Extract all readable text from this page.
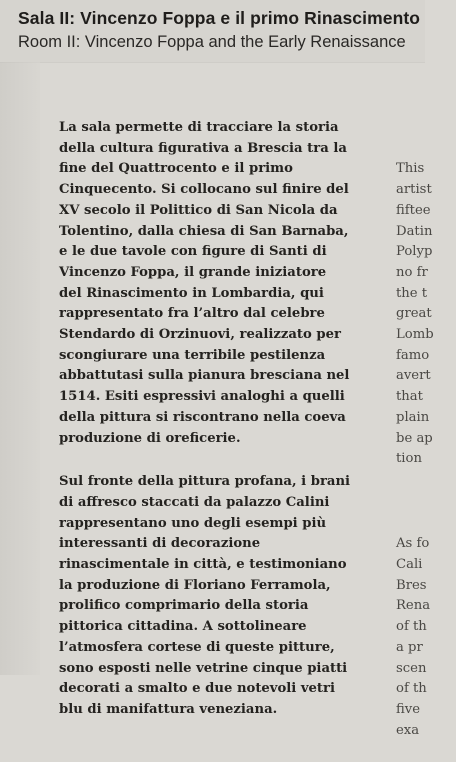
Sala II: Vincenzo Foppa e il primo Rinascimento
Room II: Vincenzo Foppa and the Early Renaissance

La sala permette di tracciare la storia
della cultura figurativa a Brescia tra la
fine del Quattrocento e il primo
Cinquecento. Si collocano sul finire del
XV secolo il Polittico di San Nicola da
Tolentino, dalla chiesa di San Barnaba,
e le due tavole con figure di Santi di
Vincenzo Foppa, il grande iniziatore
del Rinascimento in Lombardia, qui
rappresentato fra l’altro dal celebre
Stendardo di Orzinuovi, realizzato per
scongiurare una terribile pestilenza
abbattutasi sulla pianura bresciana nel
1514. Esiti espressivi analoghi a quelli
della pittura si riscontrano nella coeva
produzione di oreficerie.

Sul fronte della pittura profana, i brani
di affresco staccati da palazzo Calini
rappresentano uno degli esempi più
interessanti di decorazione
rinascimentale in città, e testimoniano
la produzione di Floriano Ferramola,
prolifico comprimario della storia
pittorica cittadina. A sottolineare
l’atmosfera cortese di queste pitture,
sono esposti nelle vetrine cinque piatti
decorati a smalto e due notevoli vetri
blu di manifattura veneziana.

This
artist
fiftee
Datin
Polyp
no fr
the t
great
Lomb
famo
avert
that
plain
be ap
tion

As fo
Cali
Bres
Rena
of th
a pr
scen
of th
five
exa
